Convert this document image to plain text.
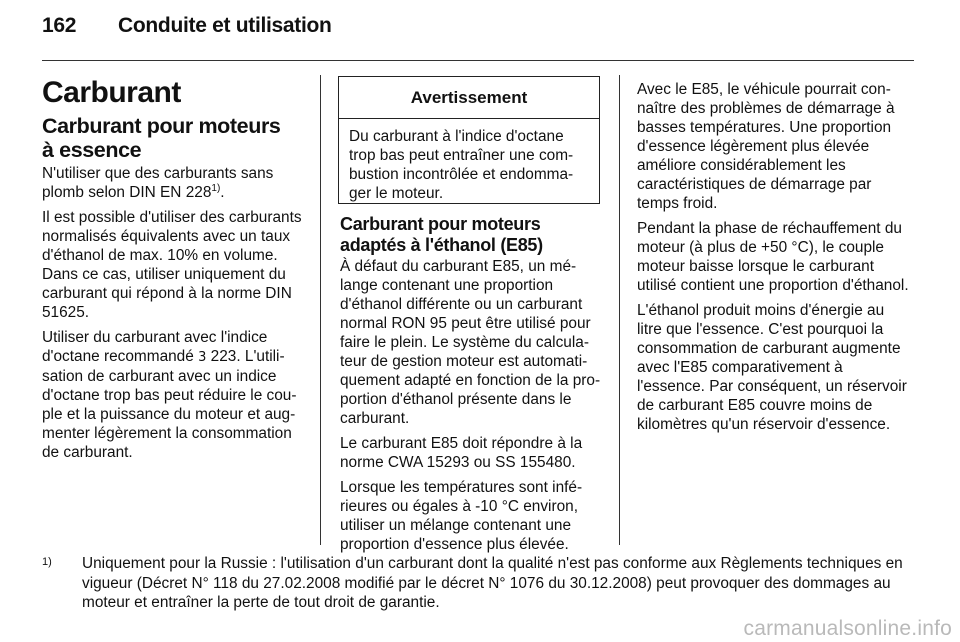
162 Conduite et utilisation
Carburant
Carburant pour moteurs
à essence

N'utiliser que des carburants sans plomb selon DIN EN 228$^{1)}$.

Il est possible d'utiliser des carburants normalisés équivalents avec un taux d'éthanol de max. 10% en volume. Dans ce cas, utiliser uniquement du carburant qui répond à la norme DIN 51625.

Utiliser du carburant avec l'indice d'octane recommandé 3 223. L'utilisation de carburant avec un indice d'octane trop bas peut réduire le couple et la puissance du moteur et augmenter légèrement la consommation de carburant.

Avertissement
Du carburant à l'indice d'octane trop bas peut entraîner une combustion incontrôlée et endommager le moteur.
Carburant pour moteurs
adaptés à l'éthanol (E85)

À défaut du carburant E85, un mélange contenant une proportion d'éthanol différente ou un carburant normal RON 95 peut être utilisé pour faire le plein. Le système du calculateur de gestion moteur est automatiquement adapté en fonction de la proportion d'éthanol présente dans le carburant.

Le carburant E85 doit répondre à la norme CWA 15293 ou SS 155480.

Lorsque les températures sont inférieures ou égales à -10 °C environ, utiliser un mélange contenant une proportion d'essence plus élevée.

Avec le E85, le véhicule pourrait connaître des problèmes de démarrage à basses températures. Une proportion d'essence légèrement plus élevée améliore considérablement les caractéristiques de démarrage par temps froid.

Pendant la phase de réchauffement du moteur (à plus de +50 °C), le couple moteur baisse lorsque le carburant utilisé contient une proportion d'éthanol.

L'éthanol produit moins d'énergie au litre que l'essence. C'est pourquoi la consommation de carburant augmente avec l'E85 comparativement à l'essence. Par conséquent, un réservoir de carburant E85 couvre moins de kilomètres qu'un réservoir d'essence.

1) Uniquement pour la Russie : l'utilisation d'un carburant dont la qualité n'est pas conforme aux Règlements techniques en vigueur (Décret N° 118 du 27.02.2008 modifié par le décret N° 1076 du 30.12.2008) peut provoquer des dommages au moteur et entraîner la perte de tout droit de garantie.
carmanualsonline.info
